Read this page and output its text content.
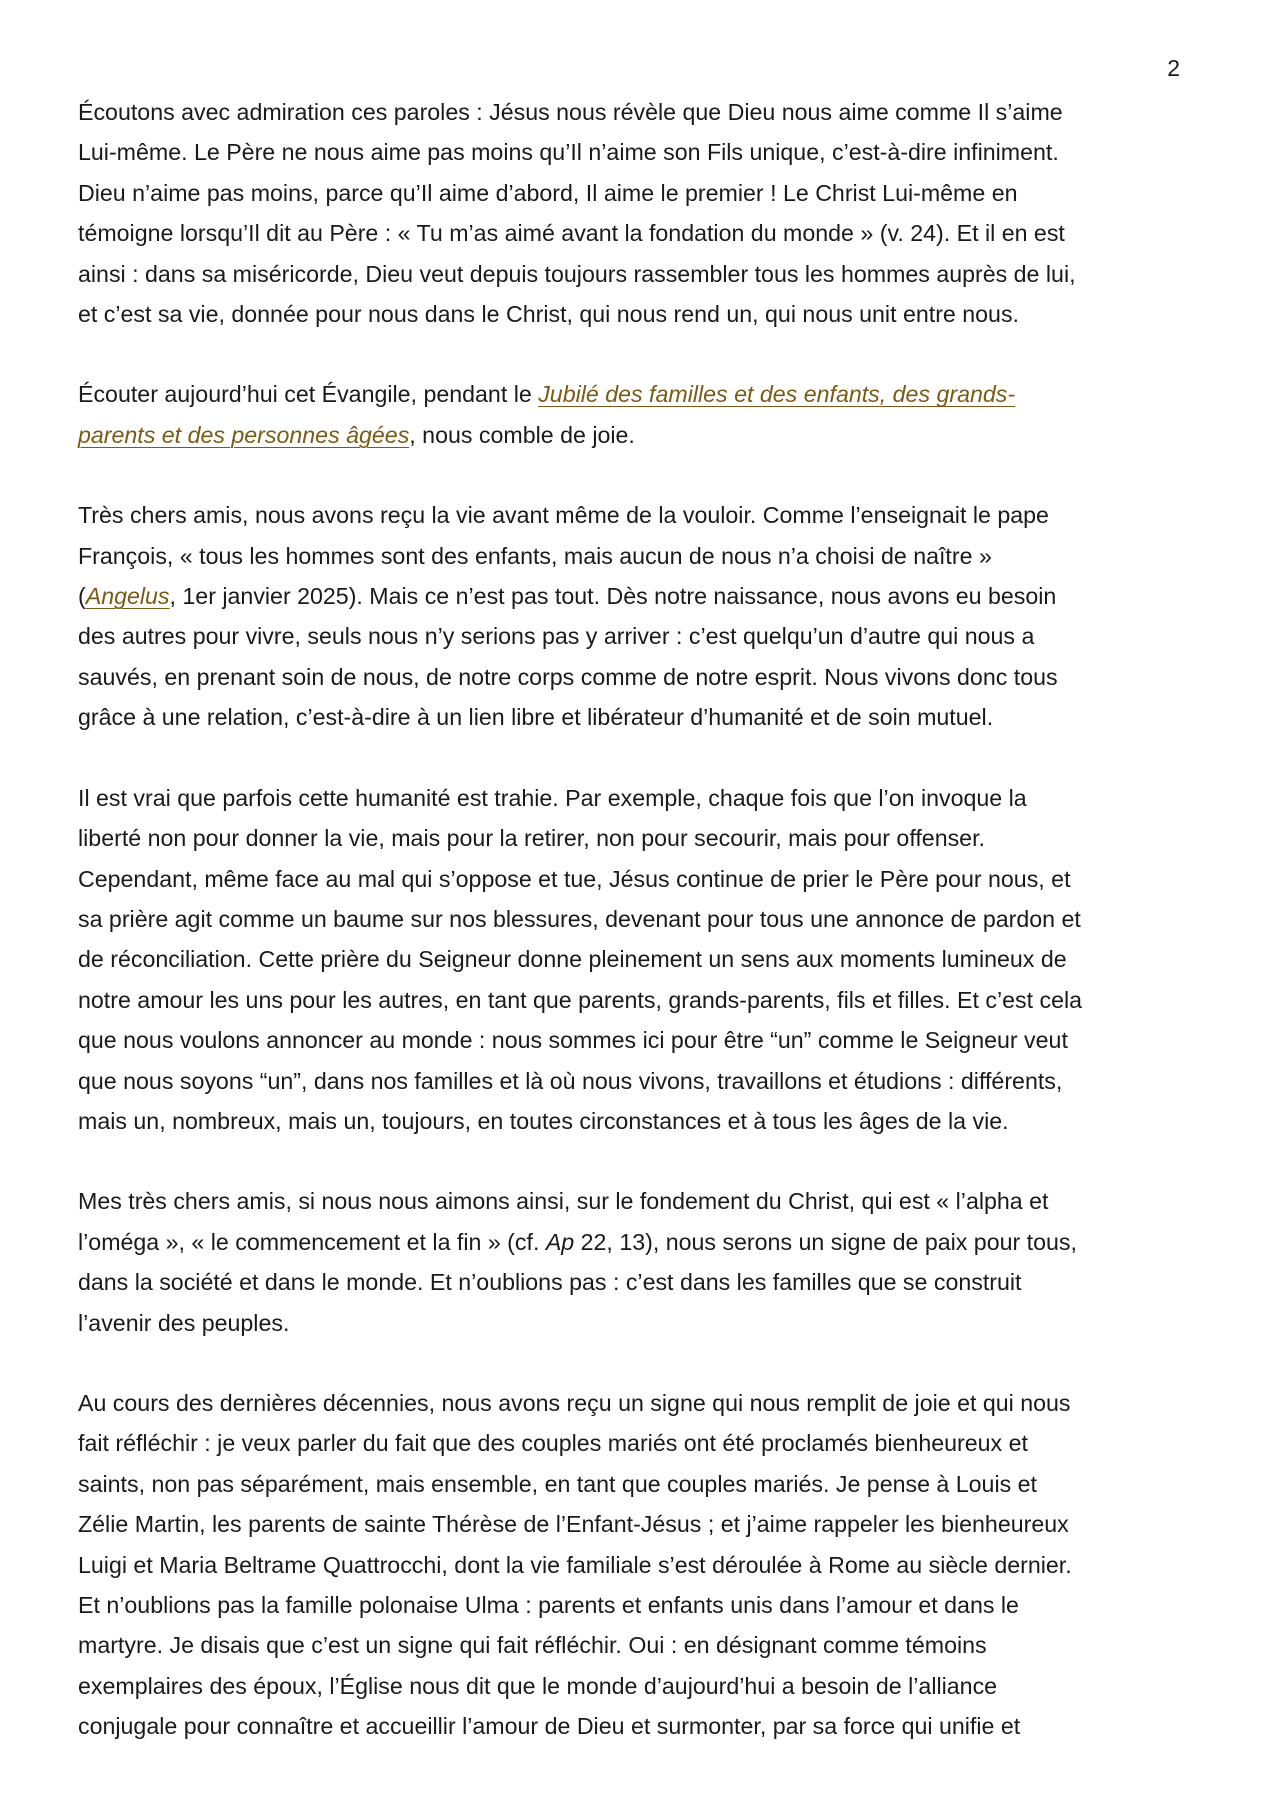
2

Écoutons avec admiration ces paroles : Jésus nous révèle que Dieu nous aime comme Il s’aime
Lui-même. Le Père ne nous aime pas moins qu’Il n’aime son Fils unique, c’est-à-dire infiniment.
Dieu n’aime pas moins, parce qu’Il aime d’abord, Il aime le premier ! Le Christ Lui-même en
témoigne lorsqu’Il dit au Père : « Tu m’as aimé avant la fondation du monde » (v. 24). Et il en est
ainsi : dans sa miséricorde, Dieu veut depuis toujours rassembler tous les hommes auprès de lui,
et c’est sa vie, donnée pour nous dans le Christ, qui nous rend un, qui nous unit entre nous.

Écouter aujourd’hui cet Évangile, pendant le Jubilé des familles et des enfants, des grands-
parents et des personnes âgées, nous comble de joie.

Très chers amis, nous avons reçu la vie avant même de la vouloir. Comme l’enseignait le pape
François, « tous les hommes sont des enfants, mais aucun de nous n’a choisi de naître »
(Angelus, 1er janvier 2025). Mais ce n’est pas tout. Dès notre naissance, nous avons eu besoin
des autres pour vivre, seuls nous n’y serions pas y arriver : c’est quelqu’un d’autre qui nous a
sauvés, en prenant soin de nous, de notre corps comme de notre esprit. Nous vivons donc tous
grâce à une relation, c’est-à-dire à un lien libre et libérateur d’humanité et de soin mutuel.

Il est vrai que parfois cette humanité est trahie. Par exemple, chaque fois que l’on invoque la
liberté non pour donner la vie, mais pour la retirer, non pour secourir, mais pour offenser.
Cependant, même face au mal qui s’oppose et tue, Jésus continue de prier le Père pour nous, et
sa prière agit comme un baume sur nos blessures, devenant pour tous une annonce de pardon et
de réconciliation. Cette prière du Seigneur donne pleinement un sens aux moments lumineux de
notre amour les uns pour les autres, en tant que parents, grands-parents, fils et filles. Et c’est cela
que nous voulons annoncer au monde : nous sommes ici pour être “un” comme le Seigneur veut
que nous soyons “un”, dans nos familles et là où nous vivons, travaillons et étudions : différents,
mais un, nombreux, mais un, toujours, en toutes circonstances et à tous les âges de la vie.

Mes très chers amis, si nous nous aimons ainsi, sur le fondement du Christ, qui est « l’alpha et
l’oméga », « le commencement et la fin » (cf. Ap 22, 13), nous serons un signe de paix pour tous,
dans la société et dans le monde. Et n’oublions pas : c’est dans les familles que se construit
l’avenir des peuples.

Au cours des dernières décennies, nous avons reçu un signe qui nous remplit de joie et qui nous
fait réfléchir : je veux parler du fait que des couples mariés ont été proclamés bienheureux et
saints, non pas séparément, mais ensemble, en tant que couples mariés. Je pense à Louis et
Zélie Martin, les parents de sainte Thérèse de l’Enfant-Jésus ; et j’aime rappeler les bienheureux
Luigi et Maria Beltrame Quattrocchi, dont la vie familiale s’est déroulée à Rome au siècle dernier.
Et n’oublions pas la famille polonaise Ulma : parents et enfants unis dans l’amour et dans le
martyre. Je disais que c’est un signe qui fait réfléchir. Oui : en désignant comme témoins
exemplaires des époux, l’Église nous dit que le monde d’aujourd’hui a besoin de l’alliance
conjugale pour connaître et accueillir l’amour de Dieu et surmonter, par sa force qui unifie et
